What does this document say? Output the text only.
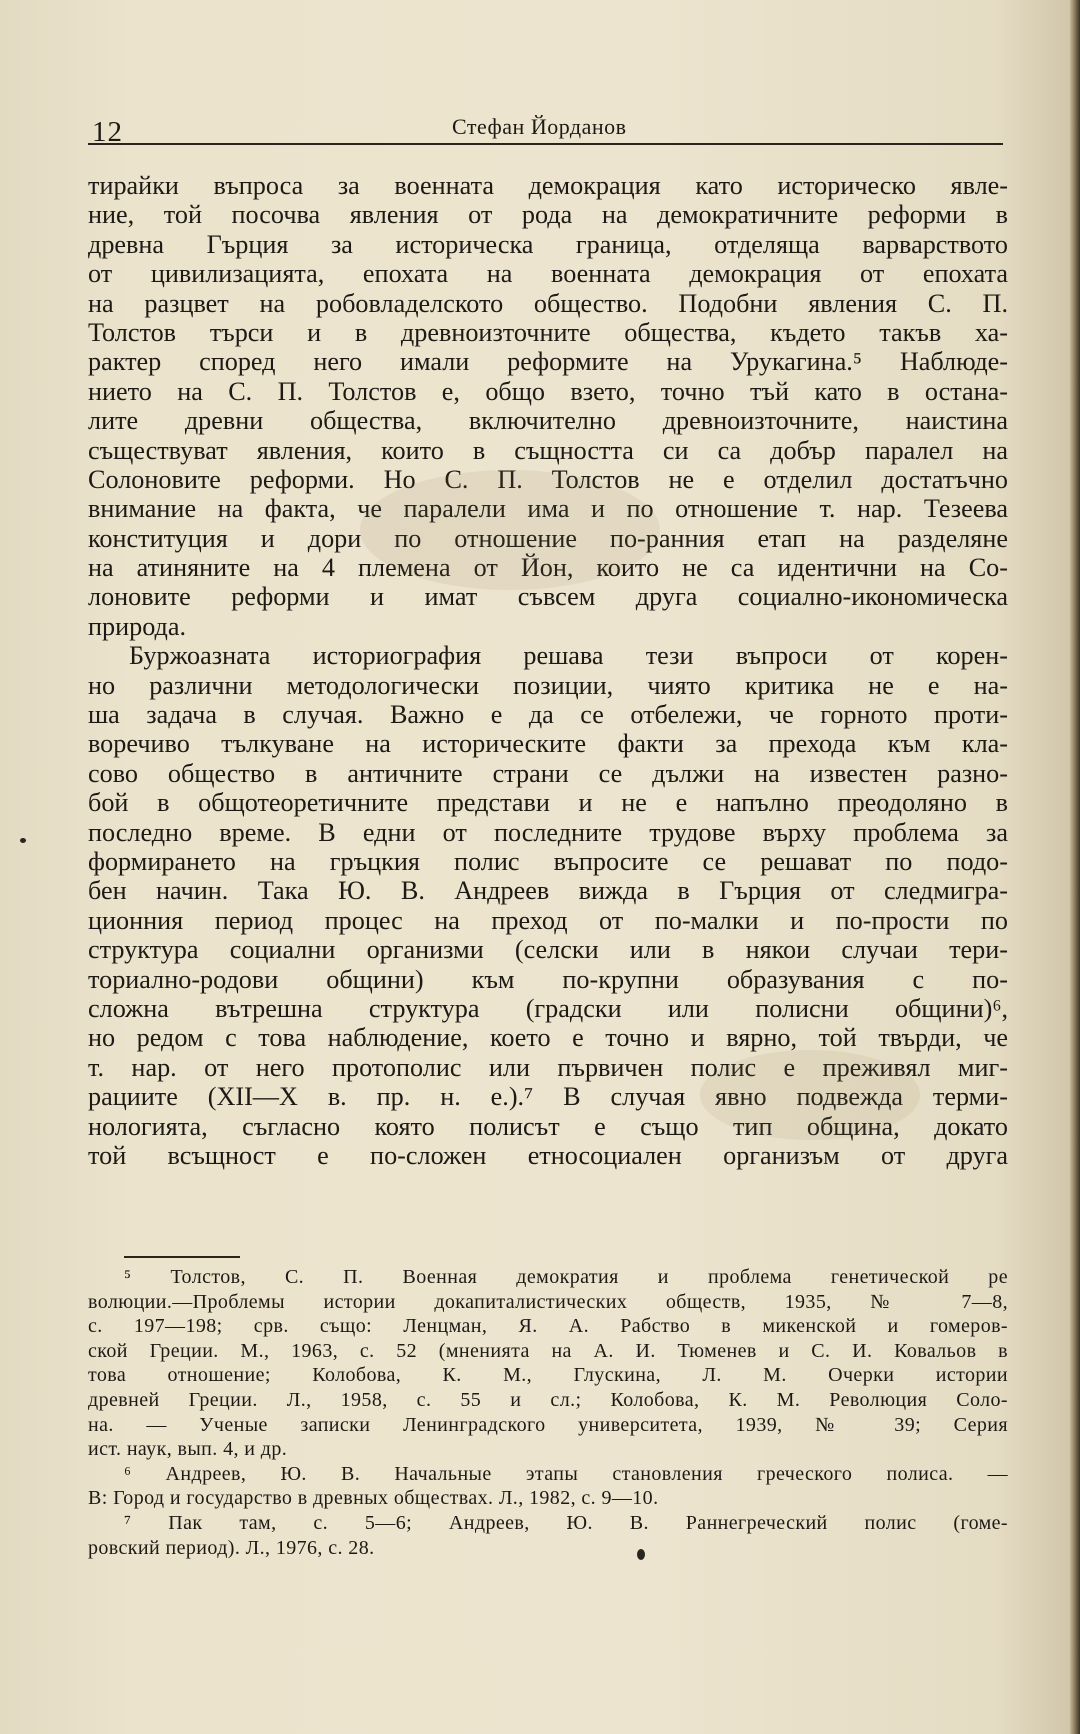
12	Стефан Йорданов
тирайки въпроса за военната демокрация като историческо явле-
ние, той посочва явления от рода на демократичните реформи в
древна Гърция за историческа граница, отделяща варварството
от цивилизацията, епохата на военната демокрация от епохата
на разцвет на робовладелското общество. Подобни явления С. П.
Толстов търси и в древноизточните общества, където такъв ха-
рактер според него имали реформите на Урукагина.⁵ Наблюде-
нието на С. П. Толстов е, общо взето, точно тъй като в остана-
лите древни общества, включително древноизточните, наистина
съществуват явления, които в същността си са добър паралел на
Солоновите реформи. Но С. П. Толстов не е отделил достатъчно
внимание на факта, че паралели има и по отношение т. нар. Тезеева
конституция и дори по отношение по-ранния етап на разделяне
на атиняните на 4 племена от Йон, които не са идентични на Со-
лоновите реформи и имат съвсем друга социално-икономическа
природа.
Буржоазната историография решава тези въпроси от корен-
но различни методологически позиции, чиято критика не е на-
ша задача в случая. Важно е да се отбележи, че горното проти-
воречиво тълкуване на историческите факти за прехода към кла-
сово общество в античните страни се дължи на известен разно-
бой в общотеоретичните представи и не е напълно преодоляно в
последно време. В едни от последните трудове върху проблема за
формирането на гръцкия полис въпросите се решават по подо-
бен начин. Така Ю. В. Андреев вижда в Гърция от следмигра-
ционния период процес на преход от по-малки и по-прости по
структура социални организми (селски или в някои случаи тери-
ториално-родови общини) към по-крупни образувания с по-
сложна вътрешна структура (градски или полисни общини)⁶,
но редом с това наблюдение, което е точно и вярно, той твърди, че
т. нар. от него протополис или първичен полис е преживял миг-
рациите (XII—X в. пр. н. е.).⁷ В случая явно подвежда терми-
нологията, съгласно която полисът е също тип община, докато
той всъщност е по-сложен етносоциален организъм от друга
⁵ Толстов, С. П. Военная демократия и проблема генетической ре
волюции.—Проблемы истории докапиталистических обществ, 1935, № 7—8,
с. 197—198; срв. също: Ленцман, Я. А. Рабство в микенской и гомеров-
ской Греции. М., 1963, с. 52 (мненията на А. И. Тюменев и С. И. Ковальов в
това отношение; Колобова, К. М., Глускина, Л. М. Очерки истории
древней Греции. Л., 1958, с. 55 и сл.; Колобова, К. М. Революция Соло-
на. — Ученые записки Ленинградского университета, 1939, № 39; Серия
ист. наук, вып. 4, и др.
⁶ Андреев, Ю. В. Начальные этапы становления греческого полиса. —
В: Город и государство в древных обществах. Л., 1982, с. 9—10.
⁷ Пак там, с. 5—6; Андреев, Ю. В. Раннегреческий полис (гоме-
ровский период). Л., 1976, с. 28.
